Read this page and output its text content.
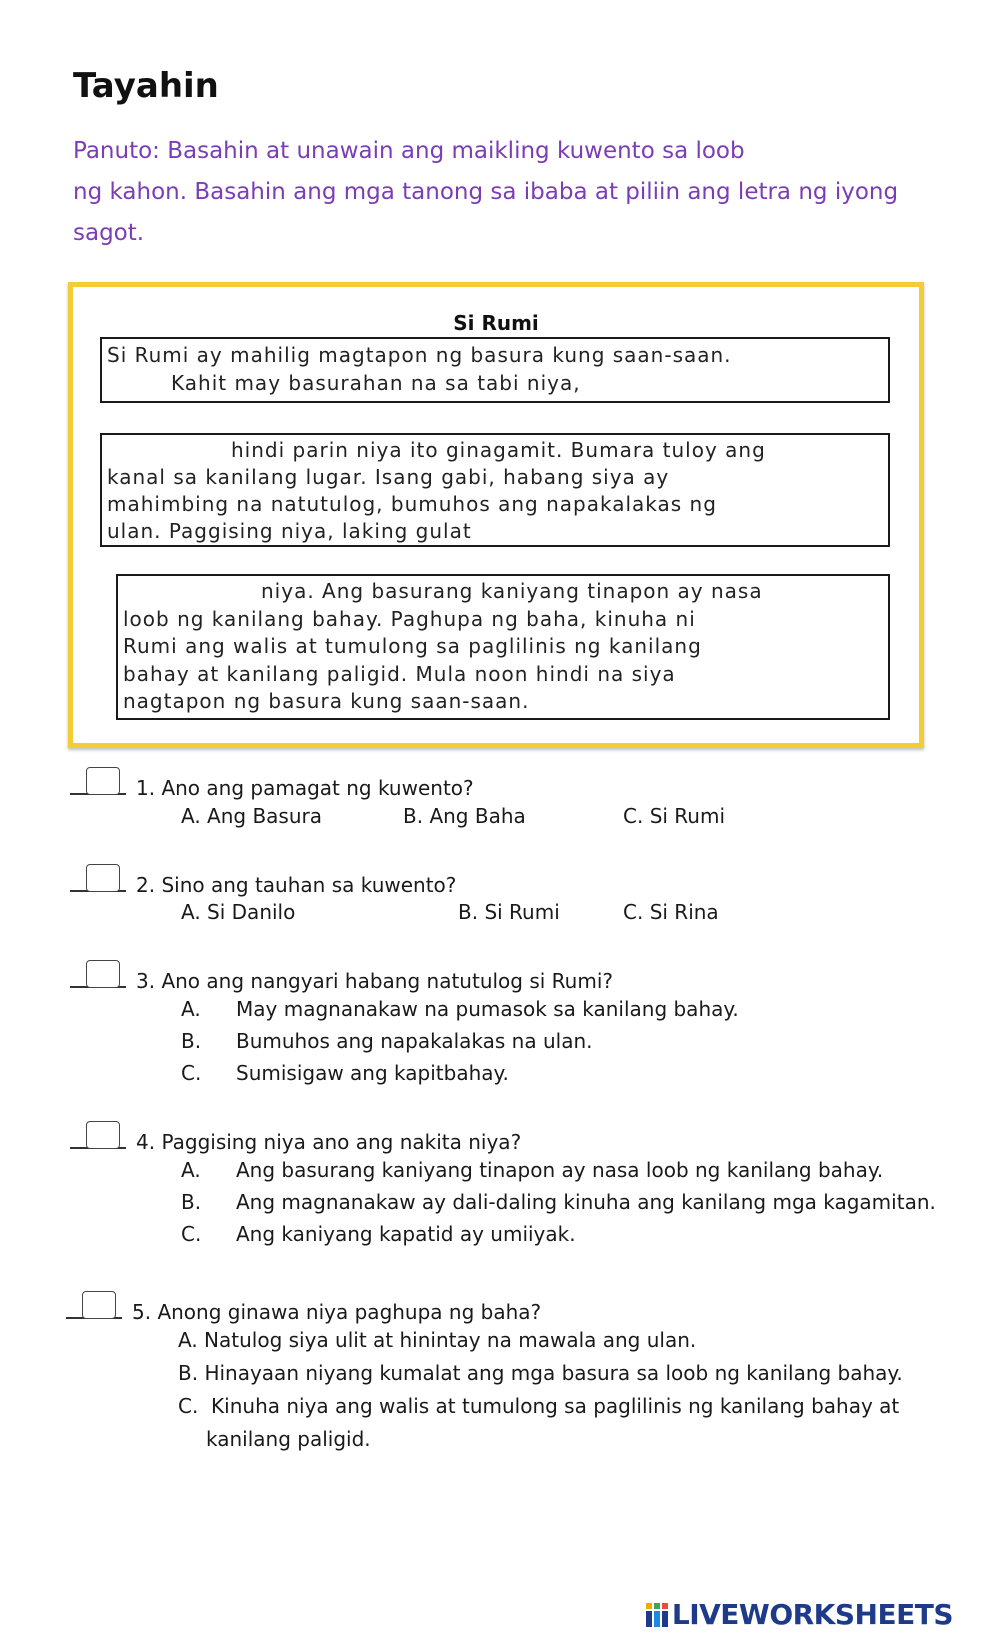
Tayahin
Panuto: Basahin at unawain ang maikling kuwento sa loob
ng kahon. Basahin ang mga tanong sa ibaba at piliin ang letra ng iyong
sagot.
Si Rumi
Si Rumi ay mahilig magtapon ng basura kung saan-saan.
Kahit may basurahan na sa tabi niya,
hindi parin niya ito ginagamit. Bumara tuloy ang
kanal sa kanilang lugar. Isang gabi, habang siya ay
mahimbing na natutulog, bumuhos ang napakalakas ng
ulan. Paggising niya, laking gulat
niya. Ang basurang kaniyang tinapon ay nasa
loob ng kanilang bahay. Paghupa ng baha, kinuha ni
Rumi ang walis at tumulong sa paglilinis ng kanilang
bahay at kanilang paligid. Mula noon hindi na siya
nagtapon ng basura kung saan-saan.
1. Ano ang pamagat ng kuwento?
A. Ang Basura	B. Ang Baha	C. Si Rumi
2. Sino ang tauhan sa kuwento?
A. Si Danilo	B. Si Rumi	C. Si Rina
3. Ano ang nangyari habang natutulog si Rumi?
A. May magnanakaw na pumasok sa kanilang bahay.
B. Bumuhos ang napakalakas na ulan.
C. Sumisigaw ang kapitbahay.
4. Paggising niya ano ang nakita niya?
A. Ang basurang kaniyang tinapon ay nasa loob ng kanilang bahay.
B. Ang magnanakaw ay dali-daling kinuha ang kanilang mga kagamitan.
C. Ang kaniyang kapatid ay umiiyak.
5. Anong ginawa niya paghupa ng baha?
A. Natulog siya ulit at hinintay na mawala ang ulan.
B. Hinayaan niyang kumalat ang mga basura sa loob ng kanilang bahay.
C. Kinuha niya ang walis at tumulong sa paglilinis ng kanilang bahay at
kanilang paligid.
LIVEWORKSHEETS
